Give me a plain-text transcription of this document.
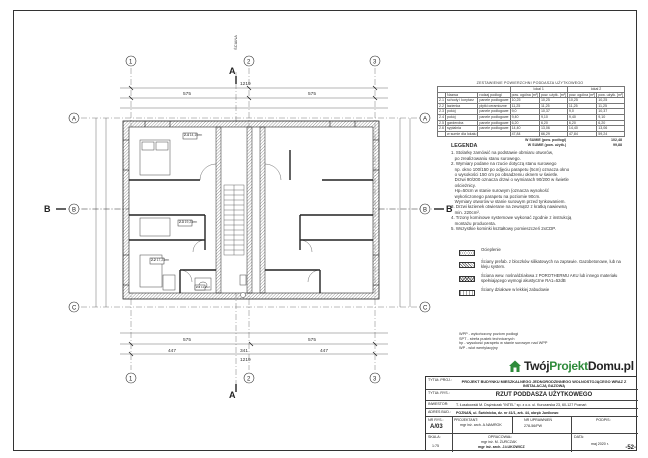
1	2	3
1	2	3
A
B
C
A
B
C
A
A
B	B
1219
575	575
447	341	447
1219
575	575
ŚCIANA
2.4 14,10m²
2.3 19,23m²
2.2 17,23m²
2.6 11,2m²
ZESTAWIENIE POWIERZCHNI PODDASZA UŻYTKOWEGO
			lokal 1		lokal 2	
	Nazwa	rodzaj podłogi	pow. ogólna [m²]	pow. użytk. [m²]	pow. ogólna [m²]	pow. użytk. [m²]
2.1	schody i korytarz	panele podłogowe	10,25	10,25	10,25	10,25
2.2	łazienka	płytki ceramiczne	11,25	11,25	11,25	11,25
2.3	pokój	panele podłogowe	9,0	10,37	9,0	10,37
2.4	pokój	panele podłogowe	9,40	9,10	9,40	9,10
2.5	garderoba	panele podłogowe	6,20	6,20	6,20	6,20
2.6	sypialnia	panele podłogowe	14,40	13,06	14,40	13,06
	w sumie dla lokalu		47,84	66,29	47,84	59,24
W SUMIE (pow. podłogi)	102,48
W SUMIE (pow. użytk.)	99,88
LEGENDA
1. Stolarkę zamówić na podstawie obmiaru otworów,
po zrealizowaniu stanu surowego.
2. Wymiary podane na rzucie dotyczą stanu surowego
np. okno 100/150 po odjęciu parapetu (5cm) oznacza okno
o wysokości 150 cm po obsadzeniu oknem w świetle.
Drzwi 90/200 oznacza drzwi o wymiarach 90/200 w świetle
ościeżnicy.
Hp=50cm w stanie surowym (oznacza wysokość
wykończonego parapetu na poziomie 90cm.
Wymiary otworów w stanie surowym przed tynkowaniem.
3. Drzwi łazienek otwierane na zewnątrz z kratką nawiewną
min. 220cm².
4. Trzony kominowe systemowe wykonać zgodnie z instrukcją
montażu producenta.
5. Wszystkie kominki kształtowy pomieszczeń 2xCDP.
Ocieplenie
Ściany prefab. z bloczków silikatowych na zaprawie. Gazobetonowe, lub na kleju system.
Ściana wew. nośna/działowa z POROTHERMU AKU lub innego materiału spełniającego wymogi akustyczne RA1=52dB
Ściany działowe w lekkiej zabudowie
WPP - wykończony poziom podłogi
SPT - strefa pustek technicznych
hp - wysokość parapetu w stanie surowym nad WPP
WP - wlot wentylacyjny
Twój Projekt Domu.pl
TYTUŁ PROJ.:	PROJEKT BUDYNKU MIESZKALNEGO JEDNORODZINNEGO WOLNOSTOJĄCEGO WRAZ Z INSTALACJĄ GAZOWĄ
TYTUŁ RYS.:	RZUT PODDASZA UŻYTKOWEGO
INWESTOR: T. Łuszkowski M. Drążniczak "INTEL" sp. z o.o. ul. Kurczarska 23, 60-127 Poznań
ADRES BUD.: POZNAŃ, ul. Świdnicka, dz. nr 41/1, ark. 44, obręb Junikowo
NR RYS.:
A/03
PROJEKTANT:
mgr inż. arch. A.NAMROK
NR UPRAWNIEŃ
278-56/PW
PODPIS:
SKALA:
1:75
OPRACOWAŁ:
mgr inż. M. ŻURCZAK
mgr inż. arch. J.ŁUKOWICZ
DATA:
maj 2020 r.
-52-
